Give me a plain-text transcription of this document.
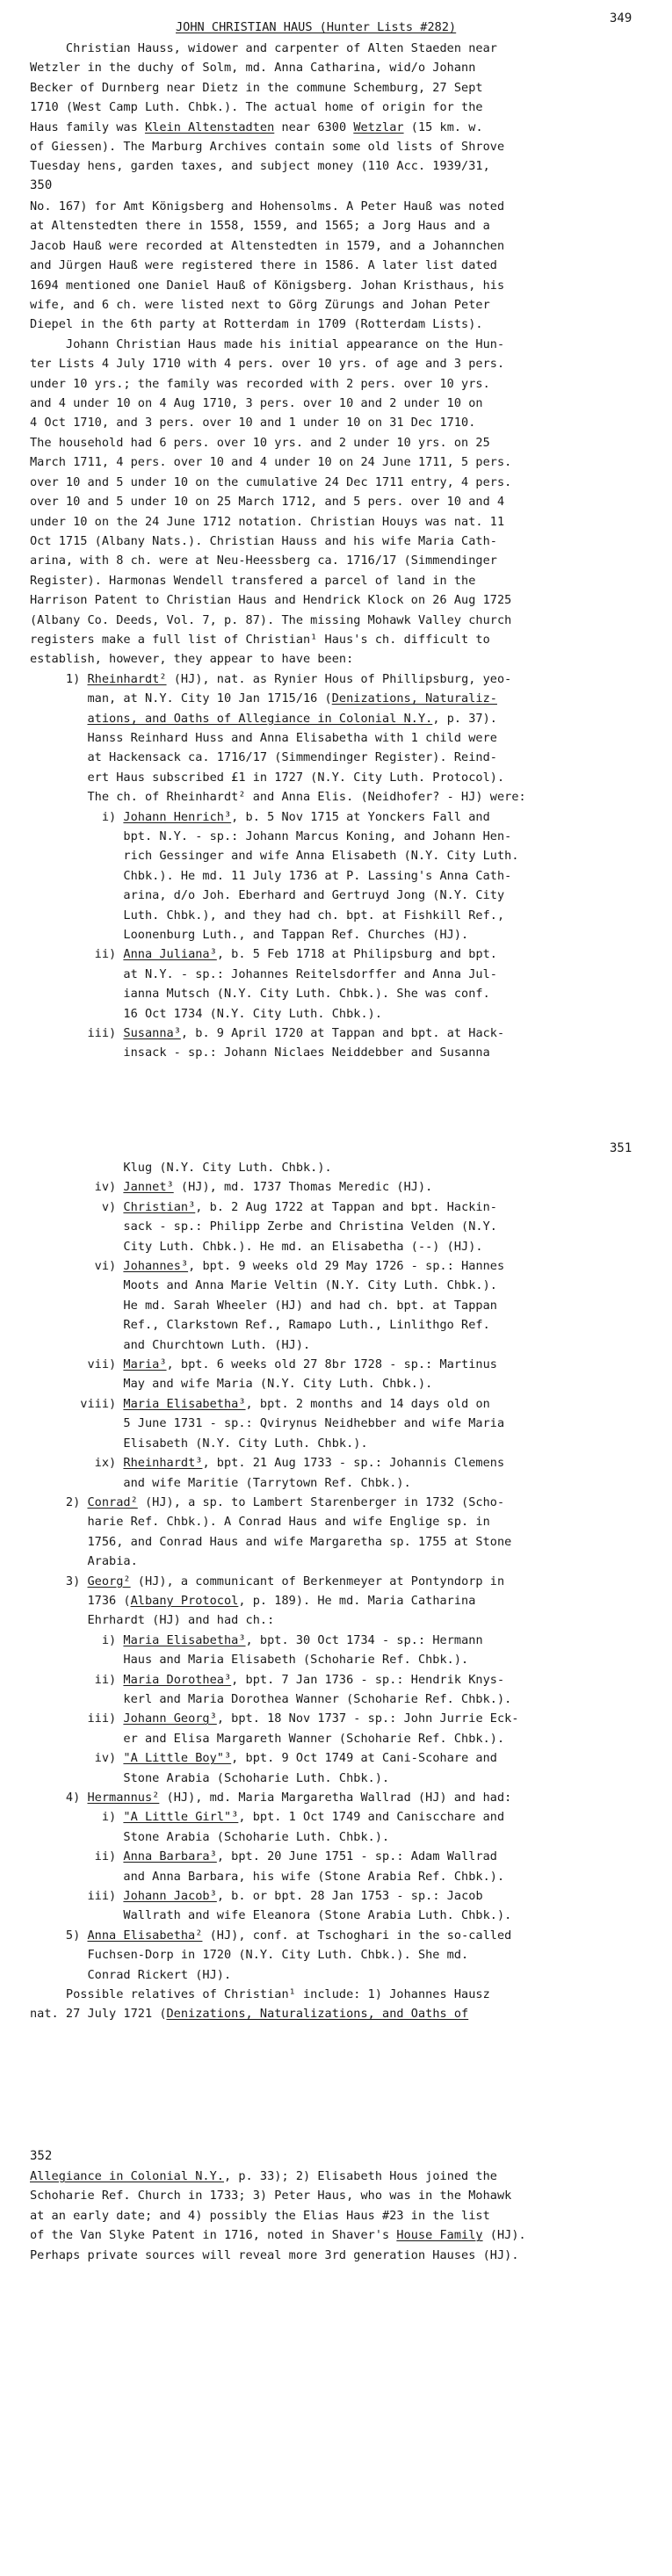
349
JOHN CHRISTIAN HAUS (Hunter Lists #282)
350
351
352
Christian Hauss, widower and carpenter of Alten Staeden near
Wetzler in the duchy of Solm, md. Anna Catharina, wid/o Johann
Becker of Durnberg near Dietz in the commune Schemburg, 27 Sept
1710 (West Camp Luth. Chbk.). The actual home of origin for the
Haus family was Klein Altenstadten near 6300 Wetzlar (15 km. w.
of Giessen). The Marburg Archives contain some old lists of Shrove
Tuesday hens, garden taxes, and subject money (110 Acc. 1939/31,
No. 167) for Amt Königsberg and Hohensolms. A Peter Hauß was noted
at Altenstedten there in 1558, 1559, and 1565; a Jorg Haus and a
Jacob Hauß were recorded at Altenstedten in 1579, and a Johannchen
and Jürgen Hauß were registered there in 1586. A later list dated
1694 mentioned one Daniel Hauß of Königsberg. Johan Kristhaus, his
wife, and 6 ch. were listed next to Görg Zürungs and Johan Peter
Diepel in the 6th party at Rotterdam in 1709 (Rotterdam Lists).
Johann Christian Haus made his initial appearance on the Hun-
ter Lists 4 July 1710 with 4 pers. over 10 yrs. of age and 3 pers.
under 10 yrs.; the family was recorded with 2 pers. over 10 yrs.
and 4 under 10 on 4 Aug 1710, 3 pers. over 10 and 2 under 10 on
4 Oct 1710, and 3 pers. over 10 and 1 under 10 on 31 Dec 1710.
The household had 6 pers. over 10 yrs. and 2 under 10 yrs. on 25
March 1711, 4 pers. over 10 and 4 under 10 on 24 June 1711, 5 pers.
over 10 and 5 under 10 on the cumulative 24 Dec 1711 entry, 4 pers.
over 10 and 5 under 10 on 25 March 1712, and 5 pers. over 10 and 4
under 10 on the 24 June 1712 notation. Christian Houys was nat. 11
Oct 1715 (Albany Nats.). Christian Hauss and his wife Maria Cath-
arina, with 8 ch. were at Neu-Heessberg ca. 1716/17 (Simmendinger
Register). Harmonas Wendell transfered a parcel of land in the
Harrison Patent to Christian Haus and Hendrick Klock on 26 Aug 1725
(Albany Co. Deeds, Vol. 7, p. 87). The missing Mohawk Valley church
registers make a full list of Christian¹ Haus's ch. difficult to
establish, however, they appear to have been:
1) Rheinhardt² (HJ), nat. as Rynier Hous of Phillipsburg, yeo-
man, at N.Y. City 10 Jan 1715/16 (Denizations, Naturaliz-
ations, and Oaths of Allegiance in Colonial N.Y., p. 37).
Hanss Reinhard Huss and Anna Elisabetha with 1 child were
at Hackensack ca. 1716/17 (Simmendinger Register). Reind-
ert Haus subscribed £1 in 1727 (N.Y. City Luth. Protocol).
The ch. of Rheinhardt² and Anna Elis. (Neidhofer? - HJ) were:
i) Johann Henrich³, b. 5 Nov 1715 at Yonckers Fall and
bpt. N.Y. - sp.: Johann Marcus Koning, and Johann Hen-
rich Gessinger and wife Anna Elisabeth (N.Y. City Luth.
Chbk.). He md. 11 July 1736 at P. Lassing's Anna Cath-
arina, d/o Joh. Eberhard and Gertruyd Jong (N.Y. City
Luth. Chbk.), and they had ch. bpt. at Fishkill Ref.,
Loonenburg Luth., and Tappan Ref. Churches (HJ).
ii) Anna Juliana³, b. 5 Feb 1718 at Philipsburg and bpt.
at N.Y. - sp.: Johannes Reitelsdorffer and Anna Jul-
ianna Mutsch (N.Y. City Luth. Chbk.). She was conf.
16 Oct 1734 (N.Y. City Luth. Chbk.).
iii) Susanna³, b. 9 April 1720 at Tappan and bpt. at Hack-
insack - sp.: Johann Niclaes Neiddebber and Susanna
Klug (N.Y. City Luth. Chbk.).
iv) Jannet³ (HJ), md. 1737 Thomas Meredic (HJ).
v) Christian³, b. 2 Aug 1722 at Tappan and bpt. Hackin-
sack - sp.: Philipp Zerbe and Christina Velden (N.Y.
City Luth. Chbk.). He md. an Elisabetha (--) (HJ).
vi) Johannes³, bpt. 9 weeks old 29 May 1726 - sp.: Hannes
Moots and Anna Marie Veltin (N.Y. City Luth. Chbk.).
He md. Sarah Wheeler (HJ) and had ch. bpt. at Tappan
Ref., Clarkstown Ref., Ramapo Luth., Linlithgo Ref.
and Churchtown Luth. (HJ).
vii) Maria³, bpt. 6 weeks old 27 8br 1728 - sp.: Martinus
May and wife Maria (N.Y. City Luth. Chbk.).
viii) Maria Elisabetha³, bpt. 2 months and 14 days old on
5 June 1731 - sp.: Qvirynus Neidhebber and wife Maria
Elisabeth (N.Y. City Luth. Chbk.).
ix) Rheinhardt³, bpt. 21 Aug 1733 - sp.: Johannis Clemens
and wife Maritie (Tarrytown Ref. Chbk.).
2) Conrad² (HJ), a sp. to Lambert Starenberger in 1732 (Scho-
harie Ref. Chbk.). A Conrad Haus and wife Englige sp. in
1756, and Conrad Haus and wife Margaretha sp. 1755 at Stone
Arabia.
3) Georg² (HJ), a communicant of Berkenmeyer at Pontyndorp in
1736 (Albany Protocol, p. 189). He md. Maria Catharina
Ehrhardt (HJ) and had ch.:
i) Maria Elisabetha³, bpt. 30 Oct 1734 - sp.: Hermann
Haus and Maria Elisabeth (Schoharie Ref. Chbk.).
ii) Maria Dorothea³, bpt. 7 Jan 1736 - sp.: Hendrik Knys-
kerl and Maria Dorothea Wanner (Schoharie Ref. Chbk.).
iii) Johann Georg³, bpt. 18 Nov 1737 - sp.: John Jurrie Eck-
er and Elisa Margareth Wanner (Schoharie Ref. Chbk.).
iv) "A Little Boy"³, bpt. 9 Oct 1749 at Cani-Scohare and
Stone Arabia (Schoharie Luth. Chbk.).
4) Hermannus² (HJ), md. Maria Margaretha Wallrad (HJ) and had:
i) "A Little Girl"³, bpt. 1 Oct 1749 and Caniscchare and
Stone Arabia (Schoharie Luth. Chbk.).
ii) Anna Barbara³, bpt. 20 June 1751 - sp.: Adam Wallrad
and Anna Barbara, his wife (Stone Arabia Ref. Chbk.).
iii) Johann Jacob³, b. or bpt. 28 Jan 1753 - sp.: Jacob
Wallrath and wife Eleanora (Stone Arabia Luth. Chbk.).
5) Anna Elisabetha² (HJ), conf. at Tschoghari in the so-called
Fuchsen-Dorp in 1720 (N.Y. City Luth. Chbk.). She md.
Conrad Rickert (HJ).
Possible relatives of Christian¹ include: 1) Johannes Hausz
nat. 27 July 1721 (Denizations, Naturalizations, and Oaths of
Allegiance in Colonial N.Y., p. 33); 2) Elisabeth Hous joined the
Schoharie Ref. Church in 1733; 3) Peter Haus, who was in the Mohawk
at an early date; and 4) possibly the Elias Haus #23 in the list
of the Van Slyke Patent in 1716, noted in Shaver's House Family (HJ).
Perhaps private sources will reveal more 3rd generation Hauses (HJ).
